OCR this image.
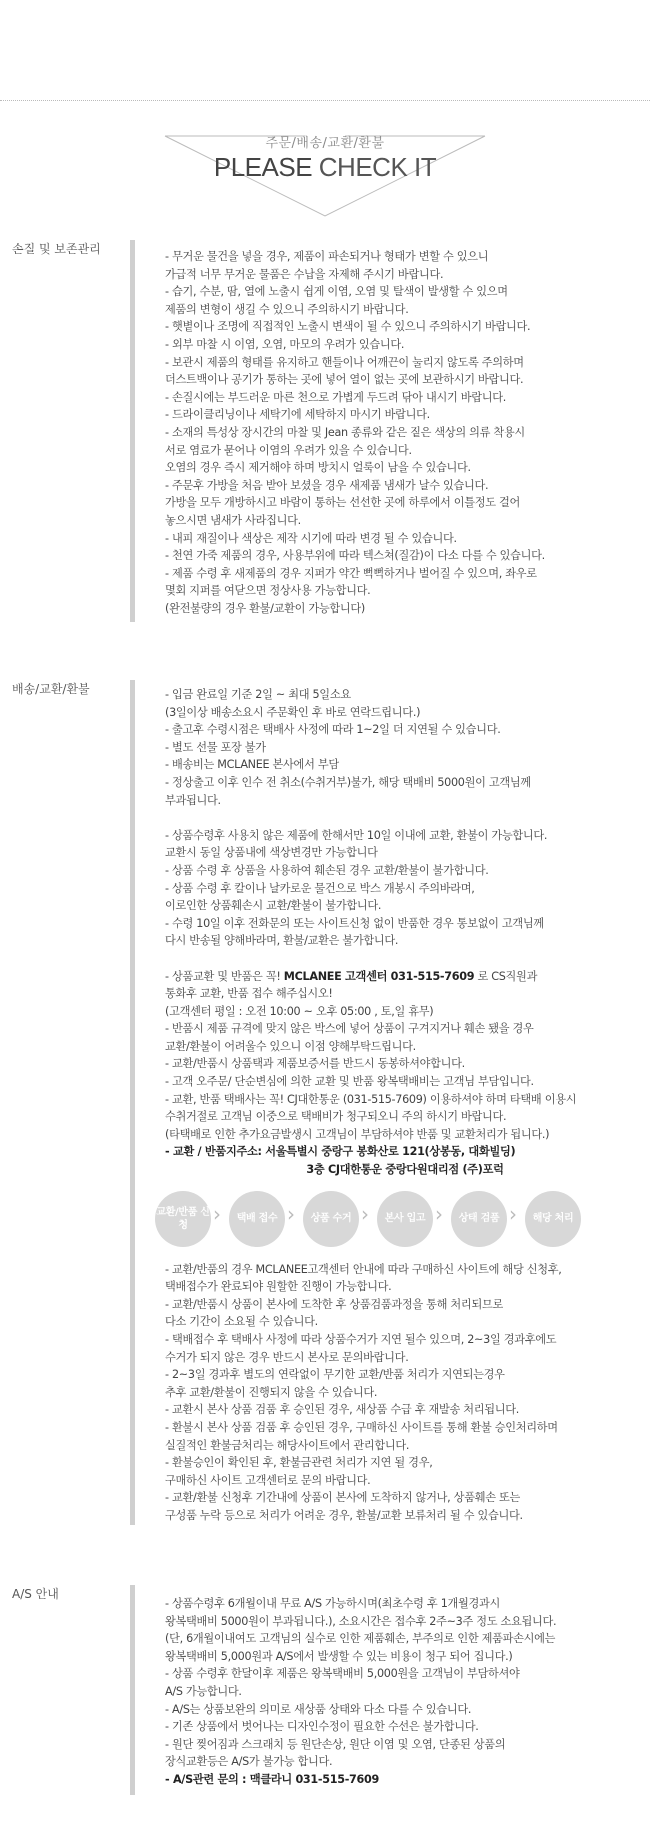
주문/배송/교환/환불
PLEASE CHECK IT
손질 및 보존관리
- 무거운 물건을 넣을 경우, 제품이 파손되거나 형태가 변할 수 있으니
가급적 너무 무거운 물품은 수납을 자제해 주시기 바랍니다.
- 습기, 수분, 땀, 열에 노출시 쉽게 이염, 오염 및 탈색이 발생할 수 있으며
제품의 변형이 생길 수 있으니 주의하시기 바랍니다.
- 햇볕이나 조명에 직접적인 노출시 변색이 될 수 있으니 주의하시기 바랍니다.
- 외부 마찰 시 이염, 오염, 마모의 우려가 있습니다.
- 보관시 제품의 형태를 유지하고 핸들이나 어깨끈이 눌리지 않도록 주의하며
더스트백이나 공기가 통하는 곳에 넣어 열이 없는 곳에 보관하시기 바랍니다.
- 손질시에는 부드러운 마른 천으로 가볍게 두드려 닦아 내시기 바랍니다.
- 드라이클리닝이나 세탁기에 세탁하지 마시기 바랍니다.
- 소재의 특성상 장시간의 마찰 및 Jean 종류와 같은 짙은 색상의 의류 착용시
서로 염료가 묻어나 이염의 우려가 있을 수 있습니다.
오염의 경우 즉시 제거해야 하며 방치시 얼룩이 남을 수 있습니다.
- 주문후 가방을 처음 받아 보셨을 경우 새제품 냄새가 날수 있습니다.
가방을 모두 개방하시고 바람이 통하는 선선한 곳에 하루에서 이틀정도 걸어
놓으시면 냄새가 사라집니다.
- 내피 재질이나 색상은 제작 시기에 따라 변경 될 수 있습니다.
- 천연 가죽 제품의 경우, 사용부위에 따라 텍스쳐(질감)이 다소 다를 수 있습니다.
- 제품 수령 후 새제품의 경우 지퍼가 약간 뻑뻑하거나 벌어질 수 있으며, 좌우로
몇회 지퍼를 여닫으면 정상사용 가능합니다.
(완전불량의 경우 환불/교환이 가능합니다)
배송/교환/환불	- 입금 완료일 기준 2일 ~ 최대 5일소요
(3일이상 배송소요시 주문확인 후 바로 연락드립니다.)
- 출고후 수령시점은 택배사 사정에 따라 1~2일 더 지연될 수 있습니다.
- 별도 선물 포장 불가
- 배송비는 MCLANEE 본사에서 부담
- 정상출고 이후 인수 전 취소(수취거부)불가, 해당 택배비 5000원이 고객님께
부과됩니다.
- 상품수령후 사용치 않은 제품에 한해서만 10일 이내에 교환, 환불이 가능합니다.
교환시 동일 상품내에 색상변경만 가능합니다
- 상품 수령 후 상품을 사용하여 훼손된 경우 교환/환불이 불가합니다.
- 상품 수령 후 칼이나 날카로운 물건으로 박스 개봉시 주의바라며,
이로인한 상품훼손시 교환/환불이 불가합니다.
- 수령 10일 이후 전화문의 또는 사이트신청 없이 반품한 경우 통보없이 고객님께
다시 반송될 양해바라며, 환불/교환은 불가합니다.
- 상품교환 및 반품은 꼭! MCLANEE 고객센터 031-515-7609 로 CS직원과
통화후 교환, 반품 접수 해주십시오!
(고객센터 평일 : 오전 10:00 ~ 오후 05:00 , 토,일 휴무)
- 반품시 제품 규격에 맞지 않은 박스에 넣어 상품이 구겨지거나 훼손 됐을 경우
교환/환불이 어려울수 있으니 이점 양해부탁드립니다.
- 교환/반품시 상품택과 제품보증서를 반드시 동봉하셔야합니다.
- 고객 오주문/ 단순변심에 의한 교환 및 반품 왕복택배비는 고객님 부담입니다.
- 교환, 반품 택배사는 꼭! CJ대한통운 (031-515-7609) 이용하셔야 하며 타택배 이용시
수취거절로 고객님 이중으로 택배비가 청구되오니 주의 하시기 바랍니다.
(타택배로 인한 추가요금발생시 고객님이 부담하셔야 반품 및 교환처리가 됩니다.)
- 교환 / 반품지주소: 서울특별시 중랑구 봉화산로 121(상봉동, 대화빌딩)
3층 CJ대한통운 중랑다원대리점 (주)포럭
교환/반품 신청	›	택배 접수 ›	상품 수거 ›	본사 입고 ›	상태 검품 ›	해당 처리
- 교환/반품의 경우 MCLANEE고객센터 안내에 따라 구매하신 사이트에 해당 신청후,
택배접수가 완료되야 원할한 진행이 가능합니다.
- 교환/반품시 상품이 본사에 도착한 후 상품검품과정을 통해 처리되므로
다소 기간이 소요될 수 있습니다.
- 택배접수 후 택배사 사정에 따라 상품수거가 지연 될수 있으며, 2~3일 경과후에도
수거가 되지 않은 경우 반드시 본사로 문의바랍니다.
- 2~3일 경과후 별도의 연락없이 무기한 교환/반품 처리가 지연되는경우
추후 교환/환불이 진행되지 않을 수 있습니다.
- 교환시 본사 상품 검품 후 승인된 경우, 새상품 수급 후 재발송 처리됩니다.
- 환불시 본사 상품 검품 후 승인된 경우, 구매하신 사이트를 통해 환불 승인처리하며
실질적인 환불금처리는 해당사이트에서 관리합니다.
- 환불승인이 확인된 후, 환불금관련 처리가 지연 될 경우,
구매하신 사이트 고객센터로 문의 바랍니다.
- 교환/환불 신청후 기간내에 상품이 본사에 도착하지 않거나, 상품훼손 또는
구성품 누락 등으로 처리가 어려운 경우, 환불/교환 보류처리 될 수 있습니다.
A/S 안내
- 상품수령후 6개월이내 무료 A/S 가능하시며(최초수령 후 1개월경과시
왕복택배비 5000원이 부과됩니다.), 소요시간은 접수후 2주~3주 정도 소요됩니다.
(단, 6개월이내여도 고객님의 실수로 인한 제품훼손, 부주의로 인한 제품파손시에는
왕복택배비 5,000원과 A/S에서 발생할 수 있는 비용이 청구 되어 집니다.)
- 상품 수령후 한달이후 제품은 왕복택배비 5,000원을 고객님이 부담하셔야
A/S 가능합니다.
- A/S는 상품보완의 의미로 새상품 상태와 다소 다를 수 있습니다.
- 기존 상품에서 벗어나는 디자인수정이 필요한 수선은 불가합니다.
- 원단 찢어짐과 스크래치 등 원단손상, 원단 이염 및 오염, 단종된 상품의
장식교환등은 A/S가 불가능 합니다.
- A/S관련 문의 : 맥클라니 031-515-7609
